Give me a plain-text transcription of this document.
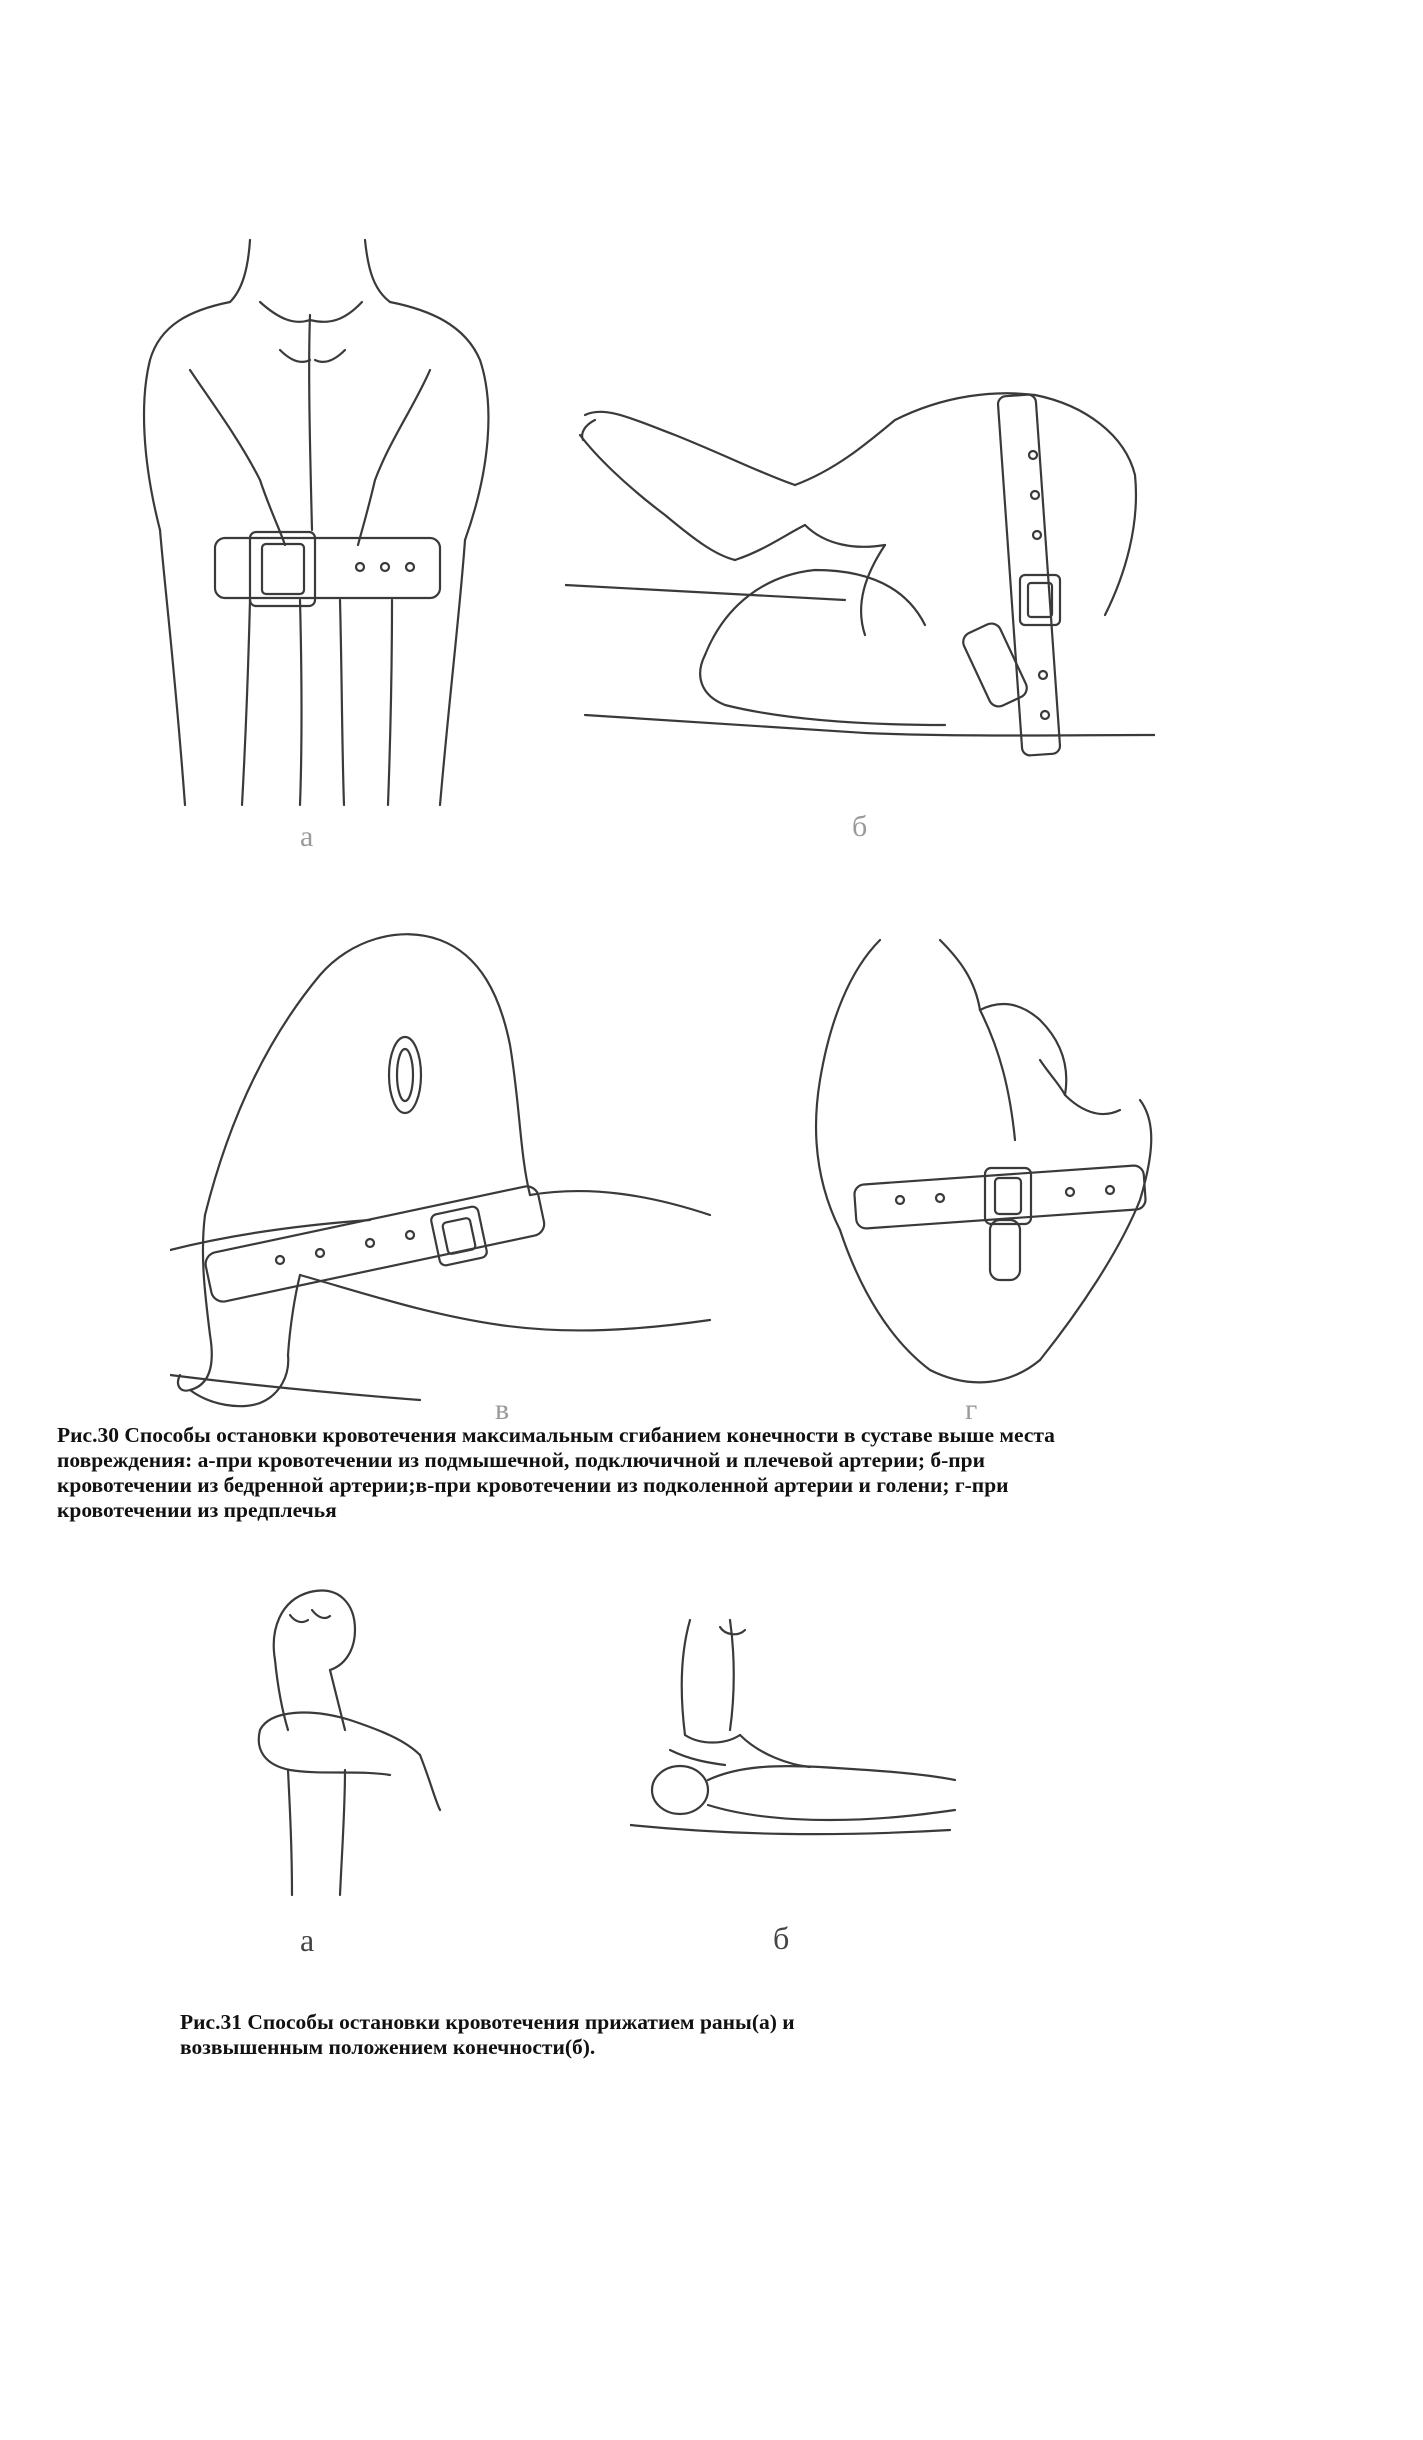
а	б
в	г
Рис.30 Способы остановки кровотечения максимальным сгибанием конечности в суставе выше места
повреждения: а-при кровотечении из подмышечной, подключичной и плечевой артерии; б-при
кровотечении из бедренной артерии;в-при кровотечении из подколенной артерии и голени; г-при
кровотечении из предплечья
а	б
Рис.31 Способы остановки кровотечения прижатием раны(а) и
возвышенным положением конечности(б).
